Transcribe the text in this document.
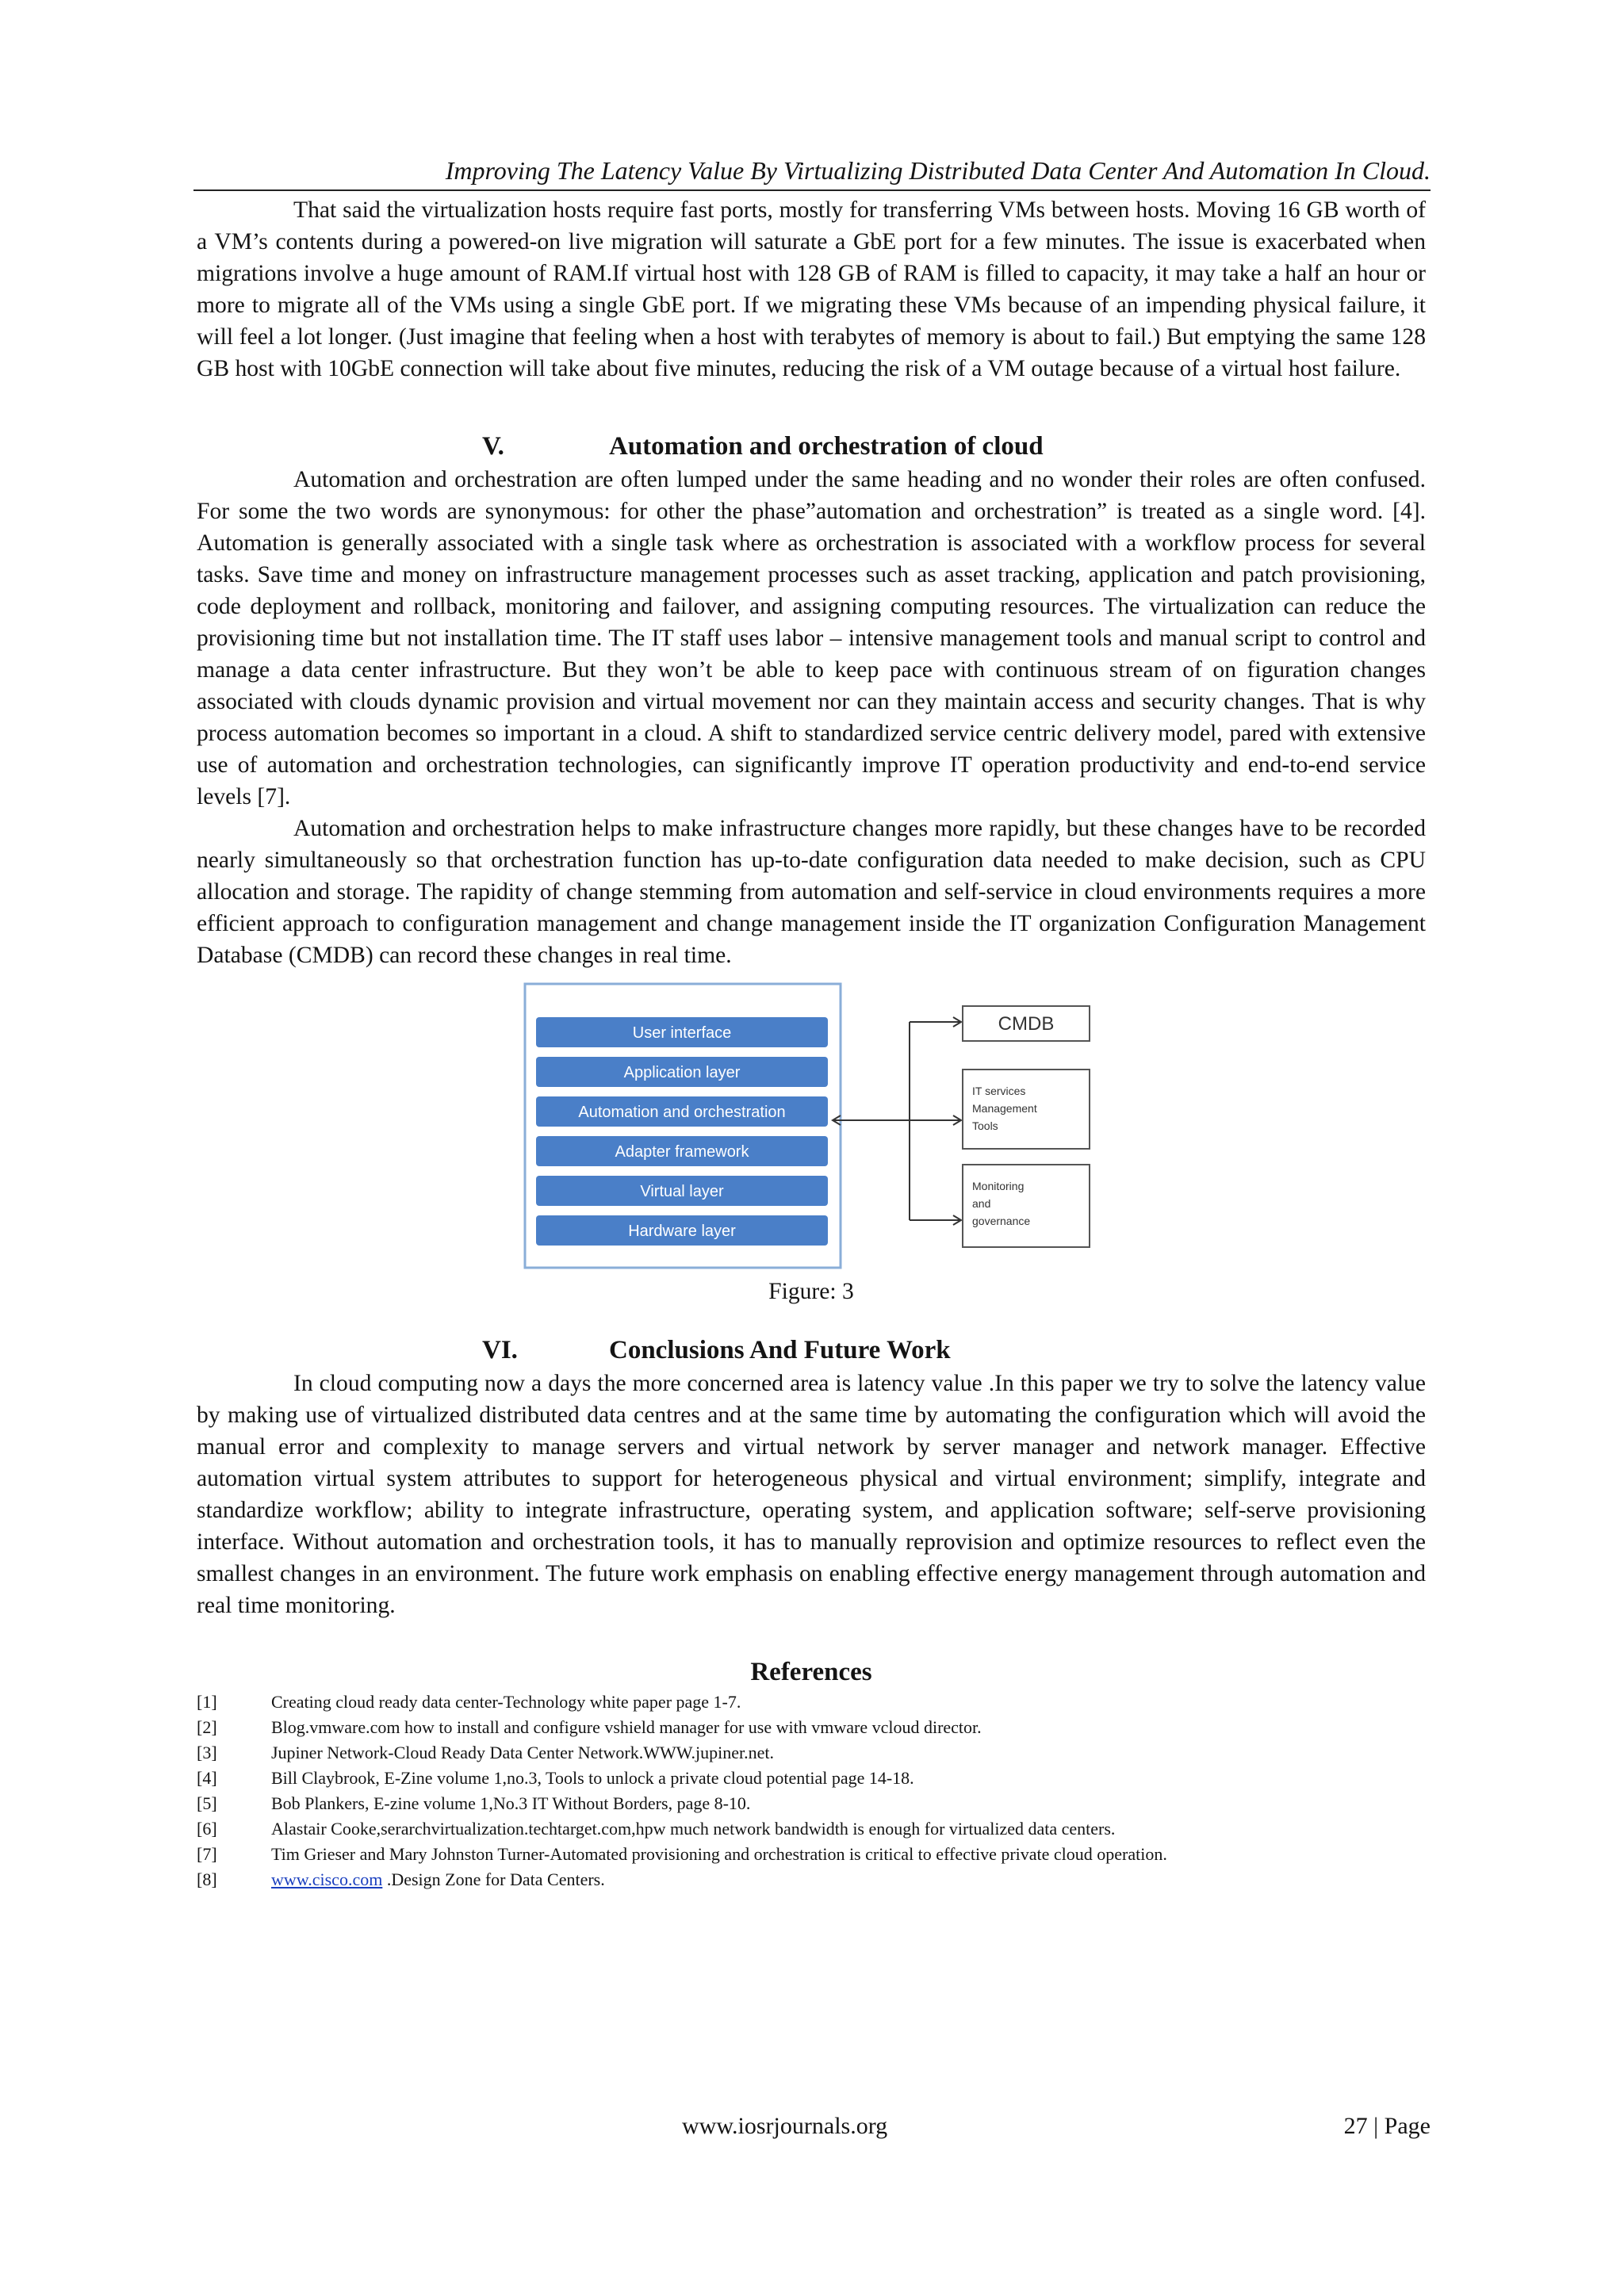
Improving The Latency Value By Virtualizing Distributed Data Center And Automation In Cloud.

That said the virtualization hosts require fast ports, mostly for transferring VMs between hosts. Moving 16 GB worth of a VM’s contents during a powered-on live migration will saturate a GbE port for a few minutes. The issue is exacerbated when migrations involve a huge amount of RAM.If virtual host with 128 GB of RAM is filled to capacity, it may take a half an hour or more to migrate all of the VMs using a single GbE port. If we migrating these VMs because of an impending physical failure, it will feel a lot longer. (Just imagine that feeling when a host with terabytes of memory is about to fail.) But emptying the same 128 GB host with 10GbE connection will take about five minutes, reducing the risk of a VM outage because of a virtual host failure.

V.	Automation and orchestration of cloud

Automation and orchestration are often lumped under the same heading and no wonder their roles are often confused. For some the two words are synonymous: for other the phase”automation and orchestration” is treated as a single word. [4]. Automation is generally associated with a single task where as orchestration is associated with a workflow process for several tasks. Save time and money on infrastructure management processes such as asset tracking, application and patch provisioning, code deployment and rollback, monitoring and failover, and assigning computing resources. The virtualization can reduce the provisioning time but not installation time. The IT staff uses labor – intensive management tools and manual script to control and manage a data center infrastructure. But they won’t be able to keep pace with continuous stream of on figuration changes associated with clouds dynamic provision and virtual movement nor can they maintain access and security changes. That is why process automation becomes so important in a cloud. A shift to standardized service centric delivery model, pared with extensive use of automation and orchestration technologies, can significantly improve IT operation productivity and end-to-end service levels [7].

Automation and orchestration helps to make infrastructure changes more rapidly, but these changes have to be recorded nearly simultaneously so that orchestration function has up-to-date configuration data needed to make decision, such as CPU allocation and storage. The rapidity of change stemming from automation and self-service in cloud environments requires a more efficient approach to configuration management and change management inside the IT organization Configuration Management Database (CMDB) can record these changes in real time.

User interface
Application layer
Automation and orchestration
Adapter framework
Virtual layer
Hardware layer
CMDB
IT services
Management
Tools
Monitoring
and
governance
Figure: 3
VI.	Conclusions And Future Work

In cloud computing now a days the more concerned area is latency value .In this paper we try to solve the latency value by making use of virtualized distributed data centres and at the same time by automating the configuration which will avoid the manual error and complexity to manage servers and virtual network by server manager and network manager. Effective automation virtual system attributes to support for heterogeneous physical and virtual environment; simplify, integrate and standardize workflow; ability to integrate infrastructure, operating system, and application software; self-serve provisioning interface. Without automation and orchestration tools, it has to manually reprovision and optimize resources to reflect even the smallest changes in an environment. The future work emphasis on enabling effective energy management through automation and real time monitoring.

References
[1]	Creating cloud ready data center-Technology white paper page 1-7.
[2]	Blog.vmware.com how to install and configure vshield manager for use with vmware vcloud director.
[3]	Jupiner Network-Cloud Ready Data Center Network.WWW.jupiner.net.
[4]	Bill Claybrook, E-Zine volume 1,no.3, Tools to unlock a private cloud potential page 14-18.
[5]	Bob Plankers, E-zine volume 1,No.3 IT Without Borders, page 8-10.
[6]	Alastair Cooke,serarchvirtualization.techtarget.com,hpw much network bandwidth is enough for virtualized data centers.
[7]	Tim Grieser and Mary Johnston Turner-Automated provisioning and orchestration is critical to effective private cloud operation.
[8]	www.cisco.com .Design Zone for Data Centers.
www.iosrjournals.org	27 | Page
